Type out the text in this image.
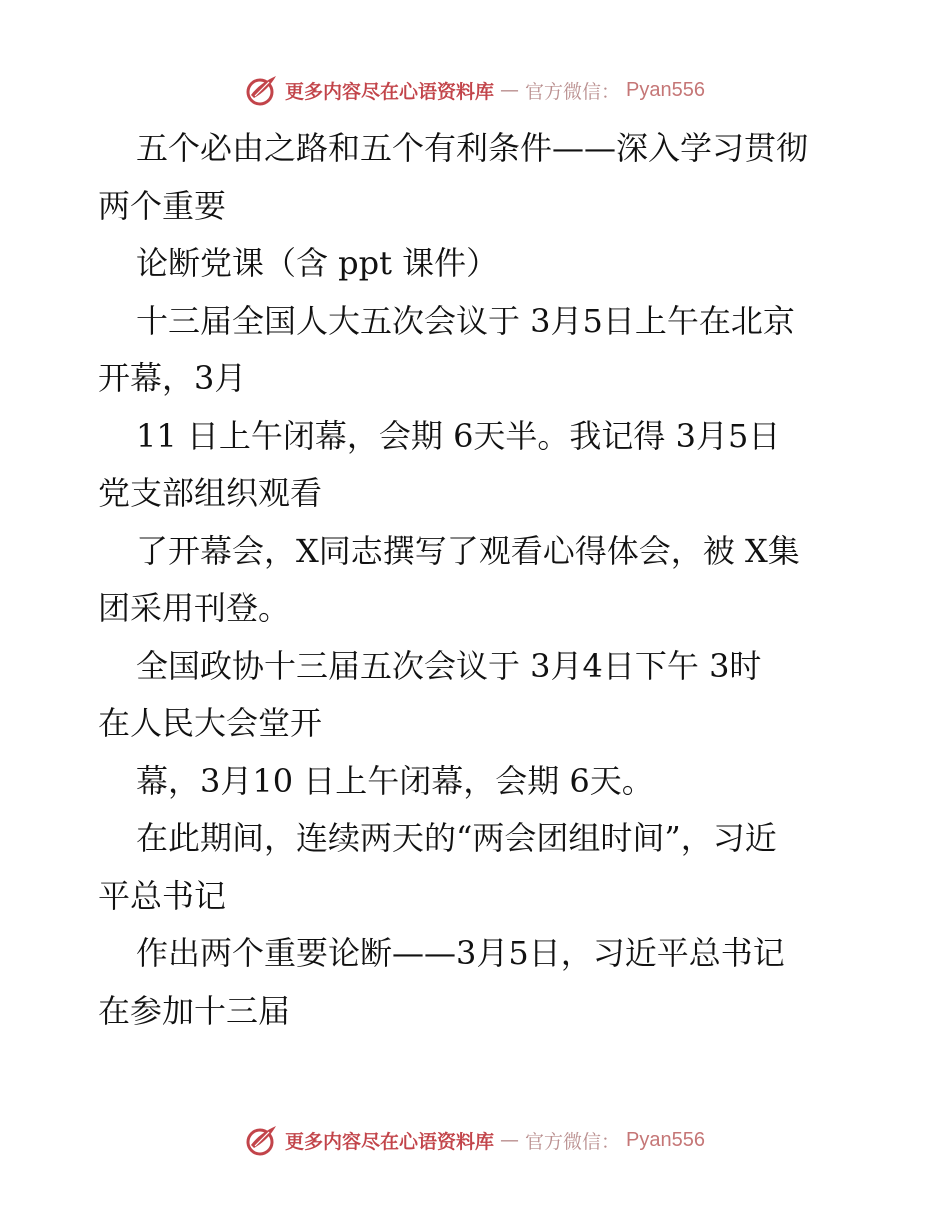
更多内容尽在心语资料库 — 官方微信： Pyan556
五个必由之路和五个有利条件——深入学习贯彻
两个重要
论断党课（含 ppt 课件）
十三届全国人大五次会议于 3月5日上午在北京
开幕，3月
11 日上午闭幕，会期 6天半。我记得 3月5日
党支部组织观看
了开幕会，X同志撰写了观看心得体会，被 X集
团采用刊登。
全国政协十三届五次会议于 3月4日下午 3时
在人民大会堂开
幕，3月10 日上午闭幕，会期 6天。
在此期间，连续两天的“两会团组时间”，习近
平总书记
作出两个重要论断——3月5日，习近平总书记
在参加十三届
更多内容尽在心语资料库 — 官方微信： Pyan556
